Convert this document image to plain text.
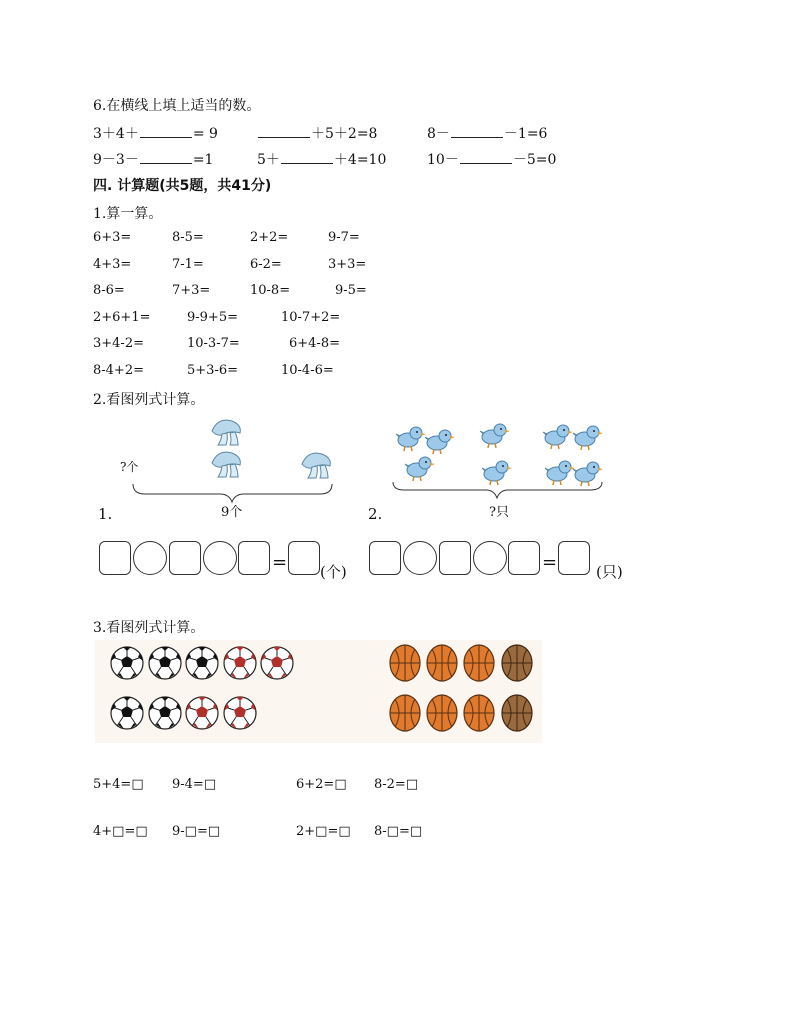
6.在横线上填上适当的数。
3＋4＋	= 9	＋5＋2=8	8－	－1=6
9－3－	=1	5＋	＋4=10	10－	－5=0
四. 计算题(共5题，共41分)
1.算一算。
6+3=	8-5=	2+2=	9-7=
4+3=	7-1=	6-2=	3+3=
8-6=	7+3=	10-8=	9-5=
2+6+1=	9-9+5=	10-7+2=
3+4-2=	10-3-7=	6+4-8=
8-4+2=	5+3-6=	10-4-6=
2.看图列式计算。
?个
9个
1.	?只
2.
= (个)	=	(只)
3.看图列式计算。
5+4=□ 9-4=□	6+2=□ 8-2=□
4+□=□ 9-□=□	2+□=□ 8-□=□
